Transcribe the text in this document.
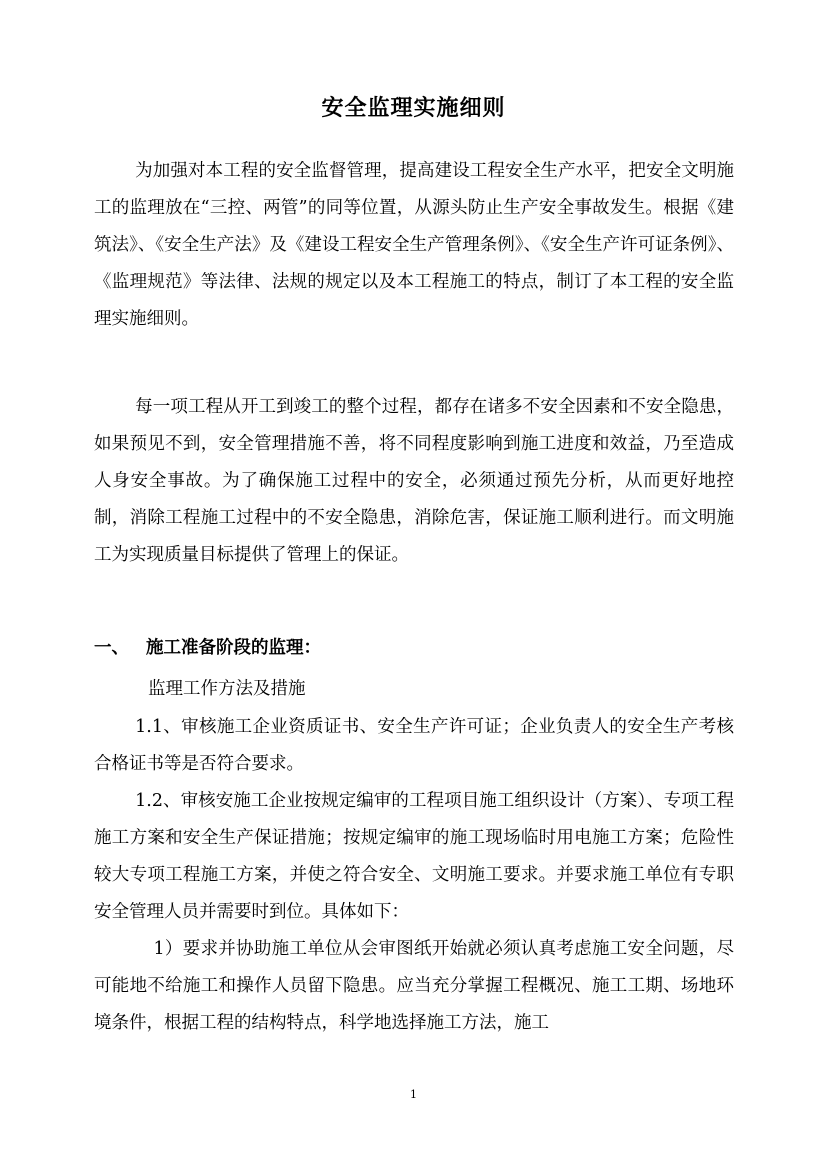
安全监理实施细则

为加强对本工程的安全监督管理，提高建设工程安全生产水平，把安全文明施工的监理放在“三控、两管”的同等位置，从源头防止生产安全事故发生。根据《建筑法》、《安全生产法》及《建设工程安全生产管理条例》、《安全生产许可证条例》、《监理规范》等法律、法规的规定以及本工程施工的特点，制订了本工程的安全监理实施细则。

每一项工程从开工到竣工的整个过程，都存在诸多不安全因素和不安全隐患，如果预见不到，安全管理措施不善，将不同程度影响到施工进度和效益，乃至造成人身安全事故。为了确保施工过程中的安全，必须通过预先分析，从而更好地控制，消除工程施工过程中的不安全隐患，消除危害，保证施工顺利进行。而文明施工为实现质量目标提供了管理上的保证。

一、 施工准备阶段的监理：
监理工作方法及措施

1.1、审核施工企业资质证书、安全生产许可证；企业负责人的安全生产考核合格证书等是否符合要求。

1.2、审核安施工企业按规定编审的工程项目施工组织设计（方案）、专项工程施工方案和安全生产保证措施；按规定编审的施工现场临时用电施工方案；危险性较大专项工程施工方案，并使之符合安全、文明施工要求。并要求施工单位有专职安全管理人员并需要时到位。具体如下：

1）要求并协助施工单位从会审图纸开始就必须认真考虑施工安全问题，尽可能地不给施工和操作人员留下隐患。应当充分掌握工程概况、施工工期、场地环境条件，根据工程的结构特点，科学地选择施工方法，施工

1
